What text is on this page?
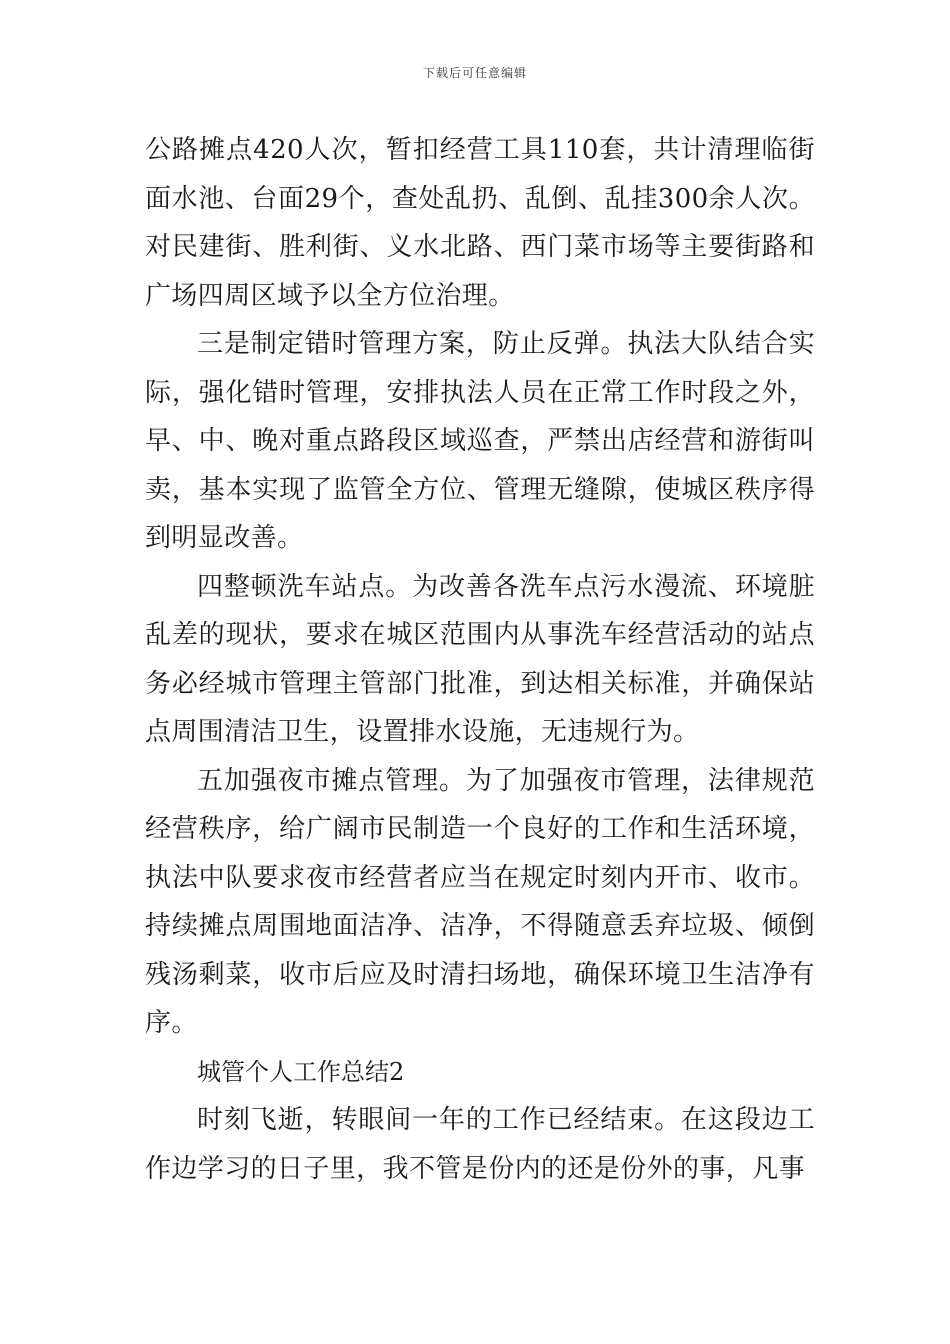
下载后可任意编辑

公路摊点420人次，暂扣经营工具110套，共计清理临街面水池、台面29个，查处乱扔、乱倒、乱挂300余人次。对民建街、胜利街、义水北路、西门菜市场等主要街路和广场四周区域予以全方位治理。

三是制定错时管理方案，防止反弹。执法大队结合实际，强化错时管理，安排执法人员在正常工作时段之外，早、中、晚对重点路段区域巡查，严禁出店经营和游街叫卖，基本实现了监管全方位、管理无缝隙，使城区秩序得到明显改善。

四整顿洗车站点。为改善各洗车点污水漫流、环境脏乱差的现状，要求在城区范围内从事洗车经营活动的站点务必经城市管理主管部门批准，到达相关标准，并确保站点周围清洁卫生，设置排水设施，无违规行为。

五加强夜市摊点管理。为了加强夜市管理，法律规范经营秩序，给广阔市民制造一个良好的工作和生活环境，执法中队要求夜市经营者应当在规定时刻内开市、收市。持续摊点周围地面洁净、洁净，不得随意丢弃垃圾、倾倒残汤剩菜，收市后应及时清扫场地，确保环境卫生洁净有序。

城管个人工作总结2

时刻飞逝，转眼间一年的工作已经结束。在这段边工作边学习的日子里，我不管是份内的还是份外的事，凡事
